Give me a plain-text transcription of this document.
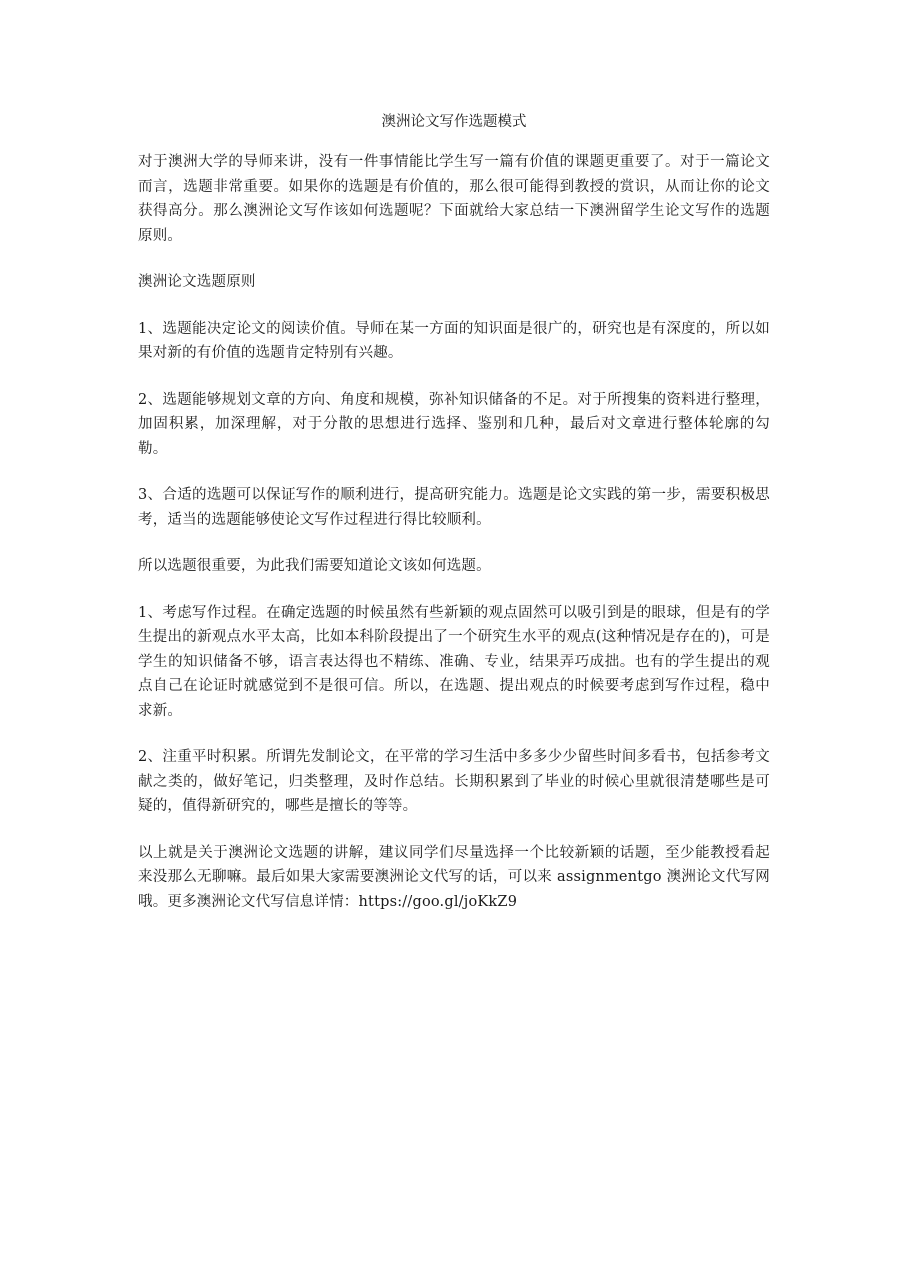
澳洲论文写作选题模式

对于澳洲大学的导师来讲，没有一件事情能比学生写一篇有价值的课题更重要了。对于一篇论文而言，选题非常重要。如果你的选题是有价值的，那么很可能得到教授的赏识，从而让你的论文获得高分。那么澳洲论文写作该如何选题呢？下面就给大家总结一下澳洲留学生论文写作的选题原则。

澳洲论文选题原则

1、选题能决定论文的阅读价值。导师在某一方面的知识面是很广的，研究也是有深度的，所以如果对新的有价值的选题肯定特别有兴趣。

2、选题能够规划文章的方向、角度和规模，弥补知识储备的不足。对于所搜集的资料进行整理，加固积累，加深理解，对于分散的思想进行选择、鉴别和几种，最后对文章进行整体轮廓的勾勒。

3、合适的选题可以保证写作的顺利进行，提高研究能力。选题是论文实践的第一步，需要积极思考，适当的选题能够使论文写作过程进行得比较顺利。

所以选题很重要，为此我们需要知道论文该如何选题。

1、考虑写作过程。在确定选题的时候虽然有些新颖的观点固然可以吸引到是的眼球，但是有的学生提出的新观点水平太高，比如本科阶段提出了一个研究生水平的观点(这种情况是存在的)，可是学生的知识储备不够，语言表达得也不精练、准确、专业，结果弄巧成拙。也有的学生提出的观点自己在论证时就感觉到不是很可信。所以，在选题、提出观点的时候要考虑到写作过程，稳中求新。

2、注重平时积累。所谓先发制论文，在平常的学习生活中多多少少留些时间多看书，包括参考文献之类的，做好笔记，归类整理，及时作总结。长期积累到了毕业的时候心里就很清楚哪些是可疑的，值得新研究的，哪些是擅长的等等。

以上就是关于澳洲论文选题的讲解，建议同学们尽量选择一个比较新颖的话题，至少能教授看起来没那么无聊嘛。最后如果大家需要澳洲论文代写的话，可以来 assignmentgo 澳洲论文代写网哦。更多澳洲论文代写信息详情：https://goo.gl/joKkZ9
